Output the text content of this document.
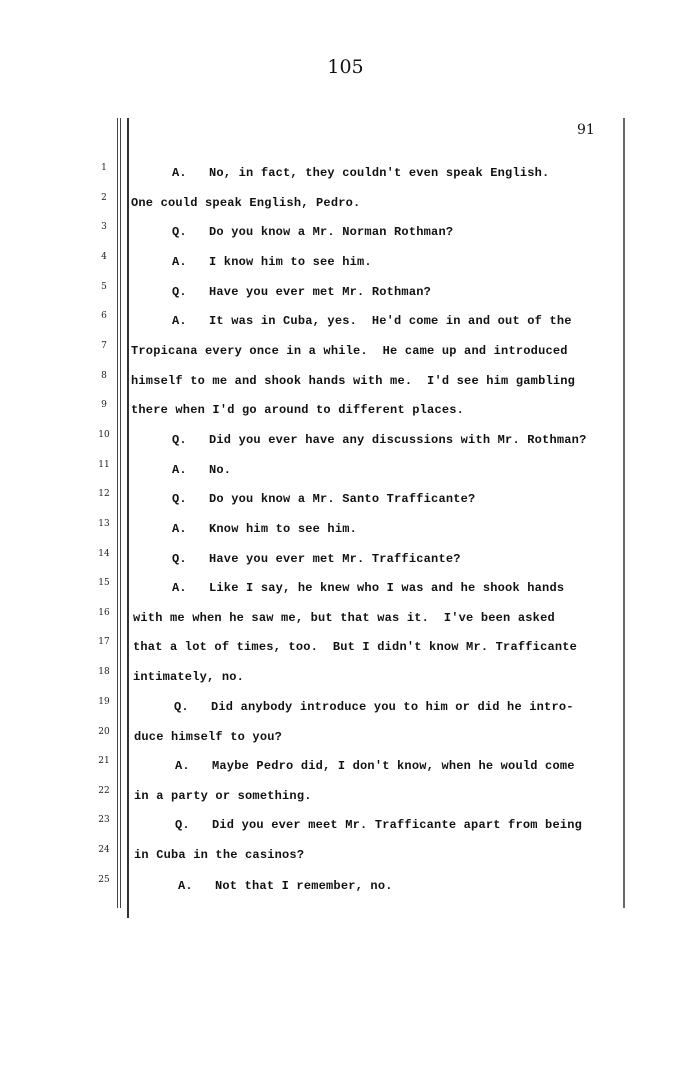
105
91
1
2
3
4
5
6
7
8
9
10
11
12
13
14
15
16
17
18
19
20
21
22
23
24
25
A.   No, in fact, they couldn't even speak English.
One could speak English, Pedro.
Q.   Do you know a Mr. Norman Rothman?
A.   I know him to see him.
Q.   Have you ever met Mr. Rothman?
A.   It was in Cuba, yes.  He'd come in and out of the
Tropicana every once in a while.  He came up and introduced
himself to me and shook hands with me.  I'd see him gambling
there when I'd go around to different places.
Q.   Did you ever have any discussions with Mr. Rothman?
A.   No.
Q.   Do you know a Mr. Santo Trafficante?
A.   Know him to see him.
Q.   Have you ever met Mr. Trafficante?
A.   Like I say, he knew who I was and he shook hands
with me when he saw me, but that was it.  I've been asked
that a lot of times, too.  But I didn't know Mr. Trafficante
intimately, no.
Q.   Did anybody introduce you to him or did he intro-
duce himself to you?
A.   Maybe Pedro did, I don't know, when he would come
in a party or something.
Q.   Did you ever meet Mr. Trafficante apart from being
in Cuba in the casinos?
A.   Not that I remember, no.
